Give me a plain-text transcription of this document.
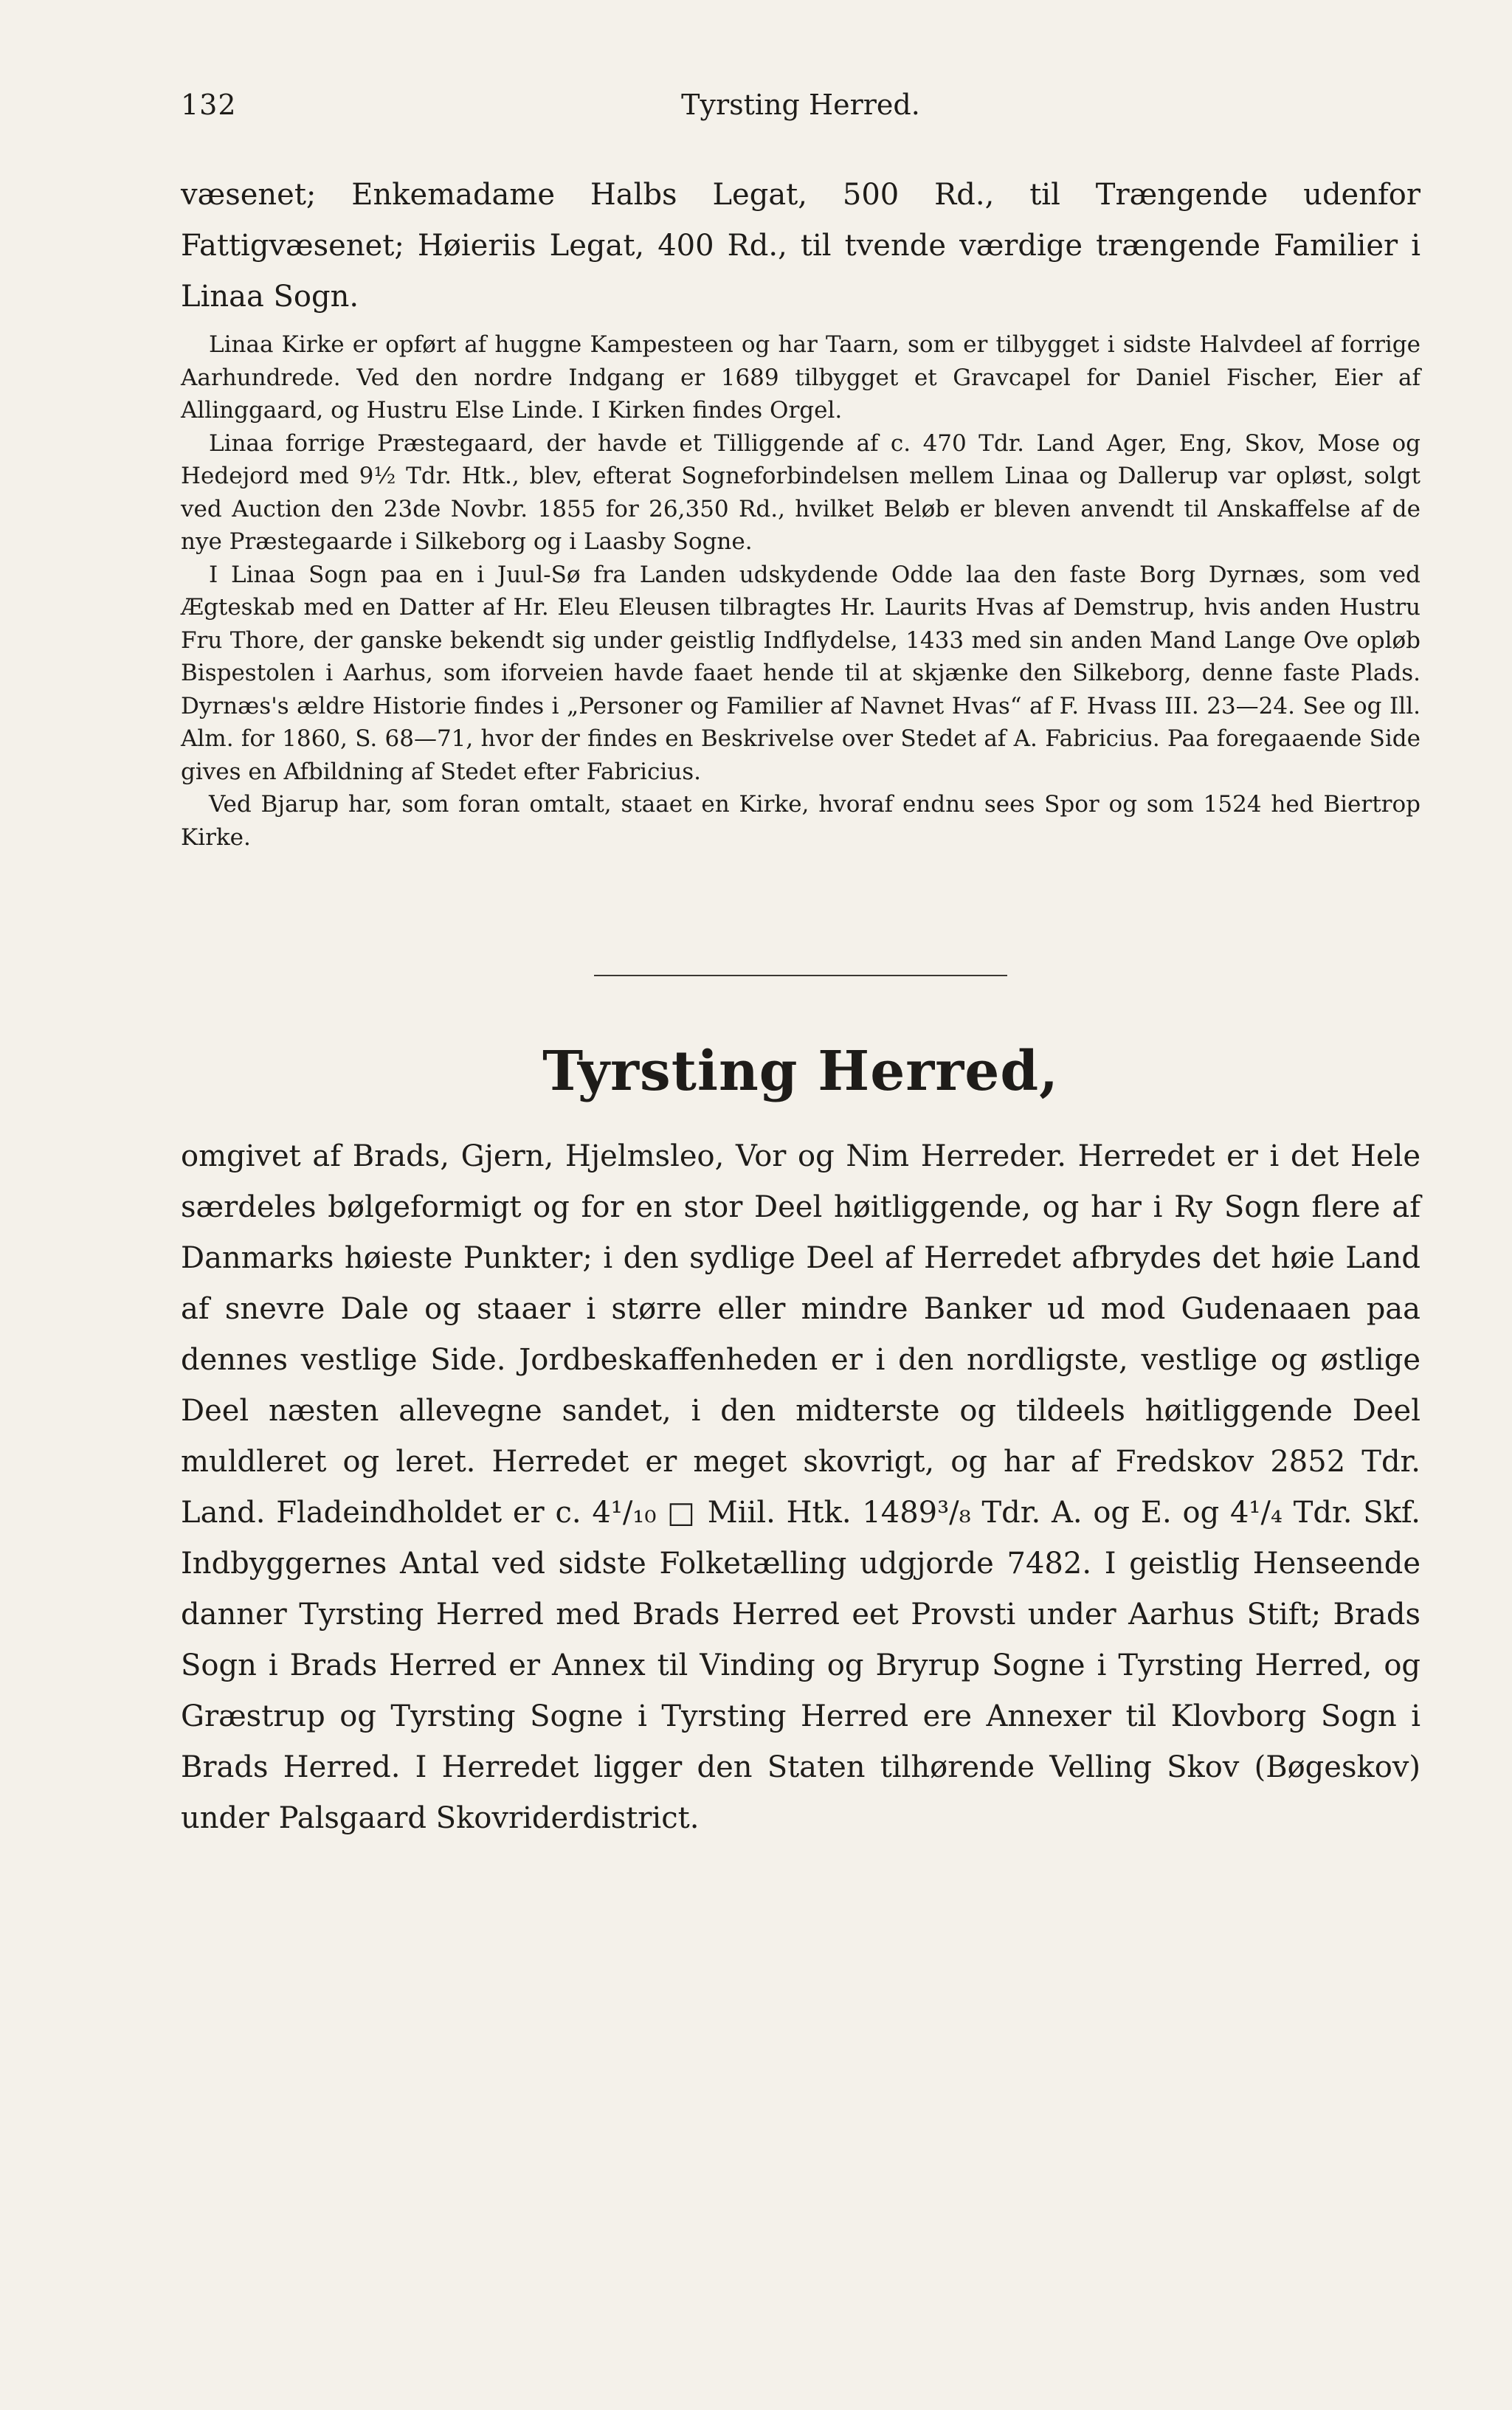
132	Tyrsting Herred.

væsenet; Enkemadame Halbs Legat, 500 Rd., til Trængende udenfor Fattigvæsenet; Høieriis Legat, 400 Rd., til tvende værdige trængende Familier i Linaa Sogn.

Linaa Kirke er opført af huggne Kampesteen og har Taarn, som er tilbygget i sidste Halvdeel af forrige Aarhundrede. Ved den nordre Indgang er 1689 tilbygget et Gravcapel for Daniel Fischer, Eier af Allinggaard, og Hustru Else Linde. I Kirken findes Orgel.

Linaa forrige Præstegaard, der havde et Tilliggende af c. 470 Tdr. Land Ager, Eng, Skov, Mose og Hedejord med 9½ Tdr. Htk., blev, efterat Sogneforbindelsen mellem Linaa og Dallerup var opløst, solgt ved Auction den 23de Novbr. 1855 for 26,350 Rd., hvilket Beløb er bleven anvendt til Anskaffelse af de nye Præstegaarde i Silkeborg og i Laasby Sogne.

I Linaa Sogn paa en i Juul-Sø fra Landen udskydende Odde laa den faste Borg Dyrnæs, som ved Ægteskab med en Datter af Hr. Eleu Eleusen tilbragtes Hr. Laurits Hvas af Demstrup, hvis anden Hustru Fru Thore, der ganske bekendt sig under geistlig Indflydelse, 1433 med sin anden Mand Lange Ove opløb Bispestolen i Aarhus, som iforveien havde faaet hende til at skjænke den Silkeborg, denne faste Plads. Dyrnæs's ældre Historie findes i „Personer og Familier af Navnet Hvas“ af F. Hvass III. 23—24. See og Ill. Alm. for 1860, S. 68—71, hvor der findes en Beskrivelse over Stedet af A. Fabricius. Paa foregaaende Side gives en Afbildning af Stedet efter Fabricius.

Ved Bjarup har, som foran omtalt, staaet en Kirke, hvoraf endnu sees Spor og som 1524 hed Biertrop Kirke.

Tyrsting Herred,

omgivet af Brads, Gjern, Hjelmsleo, Vor og Nim Herreder. Herredet er i det Hele særdeles bølgeformigt og for en stor Deel høitliggende, og har i Ry Sogn flere af Danmarks høieste Punkter; i den sydlige Deel af Herredet afbrydes det høie Land af snevre Dale og staaer i større eller mindre Banker ud mod Gudenaaen paa dennes vestlige Side. Jordbeskaffenheden er i den nordligste, vestlige og østlige Deel næsten allevegne sandet, i den midterste og tildeels høitliggende Deel muldleret og leret. Herredet er meget skovrigt, og har af Fredskov 2852 Tdr. Land. Fladeindholdet er c. 4¹/₁₀ □ Miil. Htk. 1489³/₈ Tdr. A. og E. og 4¹/₄ Tdr. Skf. Indbyggernes Antal ved sidste Folketælling udgjorde 7482. I geistlig Henseende danner Tyrsting Herred med Brads Herred eet Provsti under Aarhus Stift; Brads Sogn i Brads Herred er Annex til Vinding og Bryrup Sogne i Tyrsting Herred, og Græstrup og Tyrsting Sogne i Tyrsting Herred ere Annexer til Klovborg Sogn i Brads Herred. I Herredet ligger den Staten tilhørende Velling Skov (Bøgeskov) under Palsgaard Skovriderdistrict.
